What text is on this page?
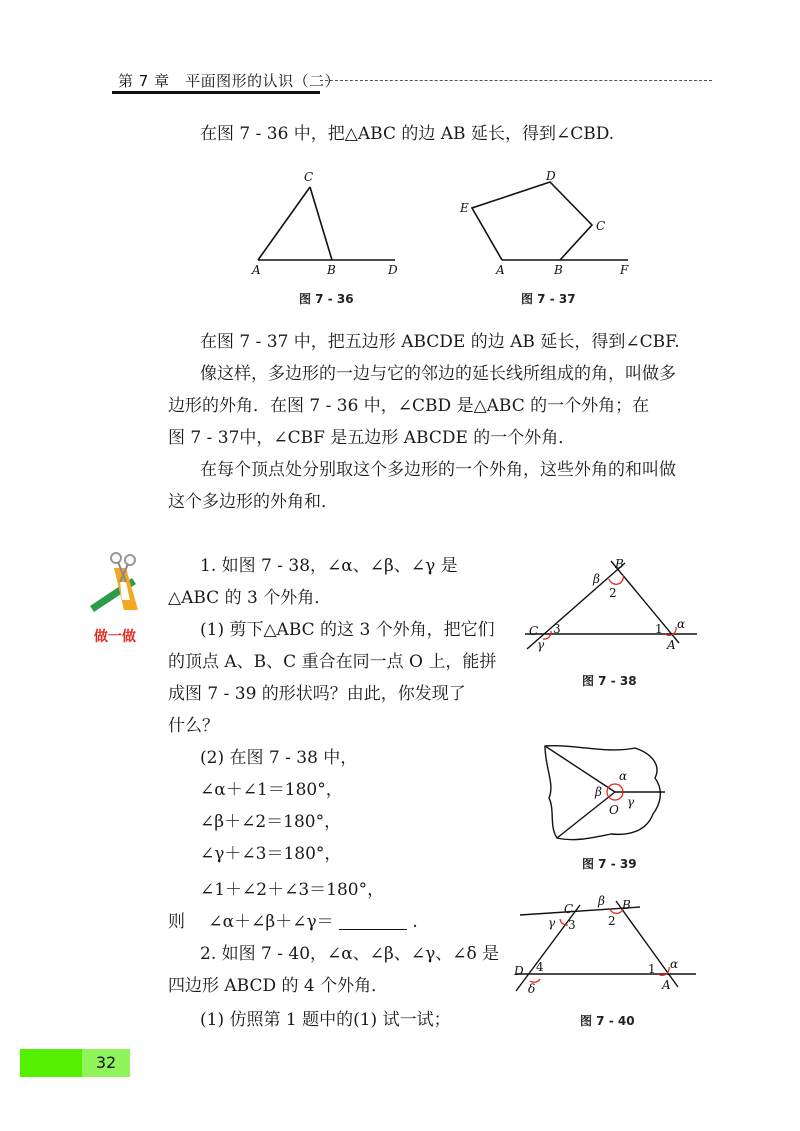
第 7 章　平面图形的认识（二）
在图 7 - 36 中，把△ABC 的边 AB 延长，得到∠CBD.
C
A	B	D
图 7 - 36
D
E
C
A	B	F
图 7 - 37
在图 7 - 37 中，把五边形 ABCDE 的边 AB 延长，得到∠CBF.
像这样，多边形的一边与它的邻边的延长线所组成的角，叫做多
边形的外角．在图 7 - 36 中，∠CBD 是△ABC 的一个外角；在
图 7 - 37中，∠CBF 是五边形 ABCDE 的一个外角．
在每个顶点处分别取这个多边形的一个外角，这些外角的和叫做
这个多边形的外角和．
做一做
1. 如图 7 - 38，∠α、∠β、∠γ 是
△ABC 的 3 个外角．
(1) 剪下△ABC 的这 3 个外角，把它们
的顶点 A、B、C 重合在同一点 O 上，能拼
成图 7 - 39 的形状吗？由此，你发现了
什么？
(2) 在图 7 - 38 中，
∠α＋∠1＝180°，
∠β＋∠2＝180°，
∠γ＋∠3＝180°，
∠1＋∠2＋∠3＝180°，
则 ∠α＋∠β＋∠γ＝	.
2. 如图 7 - 40，∠α、∠β、∠γ、∠δ 是
四边形 ABCD 的 4 个外角．
(1) 仿照第 1 题中的(1) 试一试；
α
B
β
2
C 3
γ
1
A
图 7 - 38
α
β
γ
O
图 7 - 39
α
1
A
B
β
2
C
γ 3
D 4
δ
图 7 - 40
32
